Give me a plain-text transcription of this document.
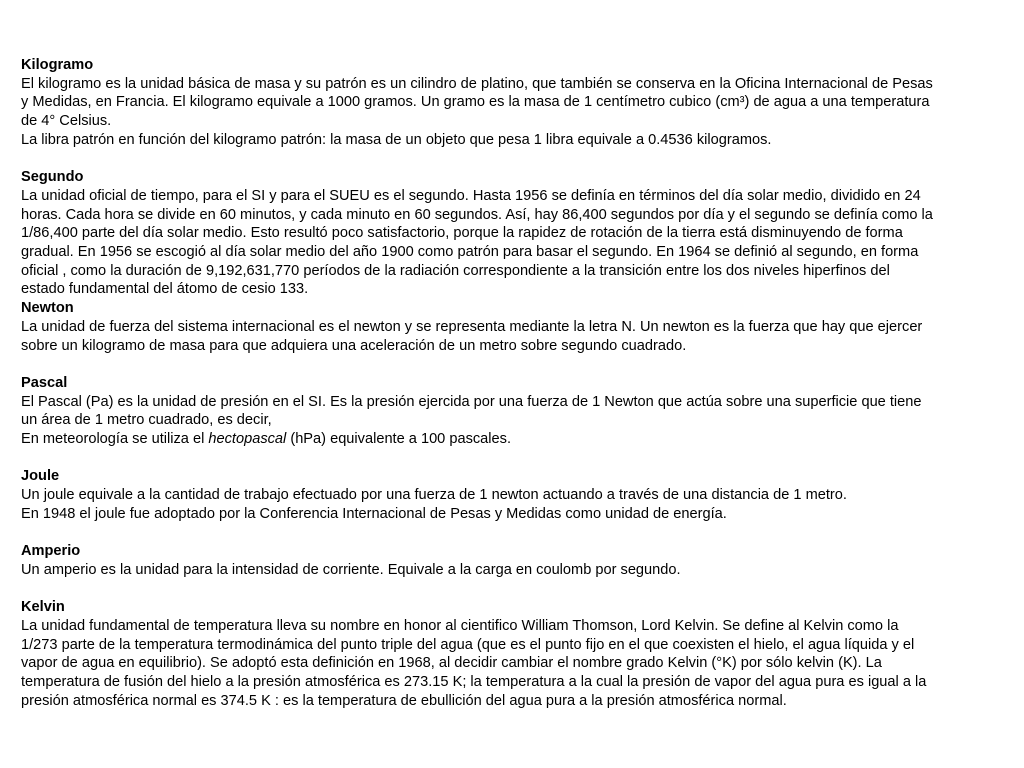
Kilogramo
El kilogramo es la unidad básica de masa y su patrón es un cilindro de platino, que también se conserva en la Oficina Internacional de Pesas
y Medidas, en Francia. El kilogramo equivale a 1000 gramos. Un gramo es la masa de 1 centímetro cubico (cm³) de agua a una temperatura
de 4° Celsius.
La libra patrón en función del kilogramo patrón: la masa de un objeto que pesa 1 libra equivale a 0.4536 kilogramos.
Segundo
La unidad oficial de tiempo, para el SI y para el SUEU es el segundo. Hasta 1956 se definía en términos del día solar medio, dividido en 24
horas. Cada hora se divide en 60 minutos, y cada minuto en 60 segundos. Así, hay 86,400 segundos por día y el segundo se definía como la
1/86,400 parte del día solar medio. Esto resultó poco satisfactorio, porque la rapidez de rotación de la tierra está disminuyendo de forma
gradual. En 1956 se escogió al día solar medio del año 1900 como patrón para basar el segundo. En 1964 se definió al segundo, en forma
oficial , como la duración de 9,192,631,770 períodos de la radiación correspondiente a la transición entre los dos niveles hiperfinos del
estado fundamental del átomo de cesio 133.
Newton
La unidad de fuerza del sistema internacional es el newton y se representa mediante la letra N. Un newton es la fuerza que hay que ejercer
sobre un kilogramo de masa para que adquiera una aceleración de un metro sobre segundo cuadrado.
Pascal
El Pascal (Pa) es la unidad de presión en el SI. Es la presión ejercida por una fuerza de 1 Newton que actúa sobre una superficie que tiene
un área de 1 metro cuadrado, es decir,
En meteorología se utiliza el hectopascal (hPa) equivalente a 100 pascales.
Joule
Un joule equivale a la cantidad de trabajo efectuado por una fuerza de 1 newton actuando a través de una distancia de 1 metro.
En 1948 el joule fue adoptado por la Conferencia Internacional de Pesas y Medidas como unidad de energía.
Amperio
Un amperio es la unidad para la intensidad de corriente. Equivale a la carga en coulomb por segundo.
Kelvin
La unidad fundamental de temperatura lleva su nombre en honor al cientifico William Thomson, Lord Kelvin. Se define al Kelvin como la
1/273 parte de la temperatura termodinámica del punto triple del agua (que es el punto fijo en el que coexisten el hielo, el agua líquida y el
vapor de agua en equilibrio). Se adoptó esta definición en 1968, al decidir cambiar el nombre grado Kelvin (°K) por sólo kelvin (K). La
temperatura de fusión del hielo a la presión atmosférica es 273.15 K; la temperatura a la cual la presión de vapor del agua pura es igual a la
presión atmosférica normal es 374.5 K : es la temperatura de ebullición del agua pura a la presión atmosférica normal.
